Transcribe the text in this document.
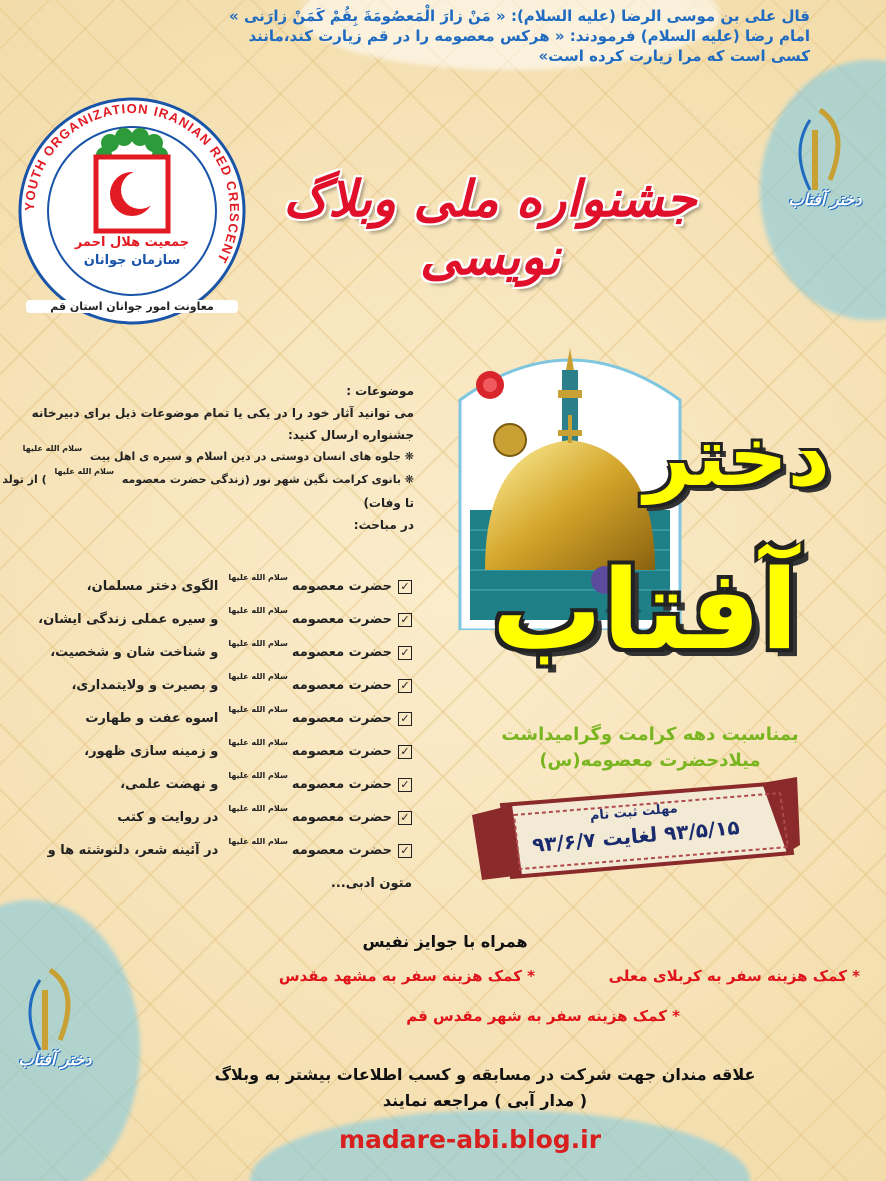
قال علی بن موسی الرضا (علیه السلام): « مَنْ زارَ الْمَعصُومَةَ بِقُمْ کَمَنْ زارَنی »
امام رضا (علیه السلام) فرمودند: « هرکس معصومه را در قم زیارت کند،مانند
کسی است که مرا زیارت کرده است»
جشنواره ملی وبلاگ نویسی
YOUTH ORGANIZATION IRANIAN RED CRESCENT
جمعیت هلال احمر
سازمان جوانان
معاونت امور جوانان استان قم
دختر
آفتاب
بمناسبت دهه کرامت وگرامیداشت
میلادحضرت معصومه(س)
مهلت ثبت نام
۹۳/۵/۱۵ لغایت ۹۳/۶/۷

موضوعات :

می توانید آثار خود را در یکی یا تمام موضوعات ذیل برای دبیرخانه

جشنواره ارسال کنید:

❋ جلوه های انسان دوستی در دین اسلام و سیره ی اهل بیت $^{سلام الله علیها}$

❋ بانوی کرامت نگین شهر نور (زندگی حضرت معصومه $^{سلام الله علیها}$ ) از تولد

تا وفات)

در مباحث:

✓
حضرت معصومه
سلام الله علیها
الگوی دختر مسلمان،
✓
حضرت معصومه
سلام الله علیها
و سیره عملی زندگی ایشان،
✓
حضرت معصومه
سلام الله علیها
و شناخت شان و شخصیت،
✓
حضرت معصومه
سلام الله علیها
و بصیرت و ولایتمداری،
✓
حضرت معصومه
سلام الله علیها
اسوه عفت و طهارت
✓
حضرت معصومه
سلام الله علیها
و زمینه سازی ظهور،
✓
حضرت معصومه
سلام الله علیها
و نهضت علمی،
✓
حضرت معصومه
سلام الله علیها
در روایت و کتب
✓
حضرت معصومه
سلام الله علیها
در آئینه شعر، دلنوشته ها و
متون ادبی...
همراه با جوایز نفیس
* کمک هزینه سفر به کربلای معلی
* کمک هزینه سفر به مشهد مقدس
* کمک هزینه سفر به شهر مقدس قم
علاقه مندان جهت شرکت در مسابقه و کسب اطلاعات بیشتر به وبلاگ
( مدار آبی ) مراجعه نمایند
madare-abi.blog.ir
دختر آفتاب
دختر آفتاب
